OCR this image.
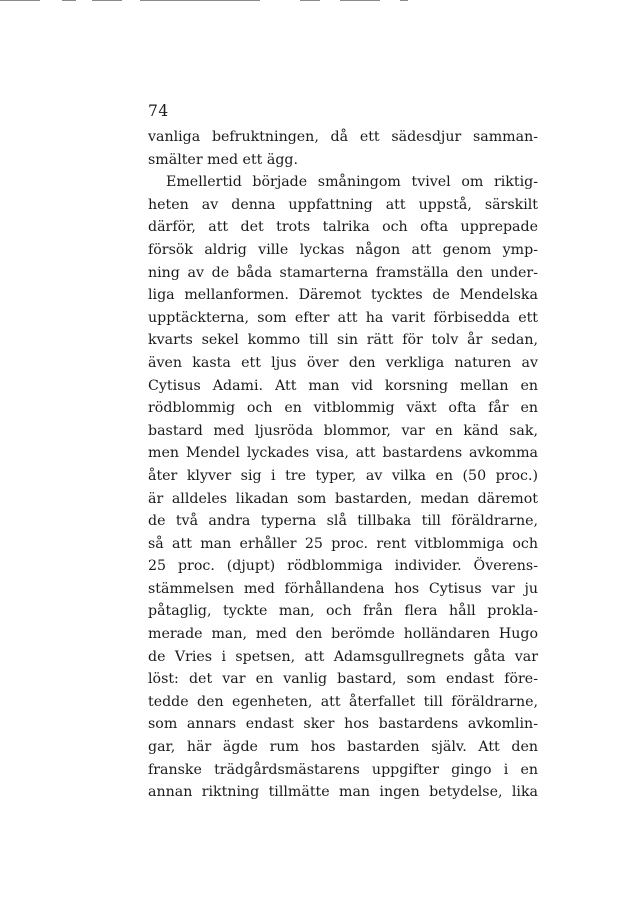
74
vanliga befruktningen, då ett sädesdjur samman-
smälter med ett ägg.
Emellertid började småningom tvivel om riktig-
heten av denna uppfattning att uppstå, särskilt
därför, att det trots talrika och ofta upprepade
försök aldrig ville lyckas någon att genom ymp-
ning av de båda stamarterna framställa den under-
liga mellanformen. Däremot tycktes de Mendelska
upptäckterna, som efter att ha varit förbisedda ett
kvarts sekel kommo till sin rätt för tolv år sedan,
även kasta ett ljus över den verkliga naturen av
Cytisus Adami. Att man vid korsning mellan en
rödblommig och en vitblommig växt ofta får en
bastard med ljusröda blommor, var en känd sak,
men Mendel lyckades visa, att bastardens avkomma
åter klyver sig i tre typer, av vilka en (50 proc.)
är alldeles likadan som bastarden, medan däremot
de två andra typerna slå tillbaka till föräldrarne,
så att man erhåller 25 proc. rent vitblommiga och
25 proc. (djupt) rödblommiga individer. Överens-
stämmelsen med förhållandena hos Cytisus var ju
påtaglig, tyckte man, och från flera håll prokla-
merade man, med den berömde holländaren Hugo
de Vries i spetsen, att Adamsgullregnets gåta var
löst: det var en vanlig bastard, som endast före-
tedde den egenheten, att återfallet till föräldrarne,
som annars endast sker hos bastardens avkomlin-
gar, här ägde rum hos bastarden själv. Att den
franske trädgårdsmästarens uppgifter gingo i en
annan riktning tillmätte man ingen betydelse, lika
